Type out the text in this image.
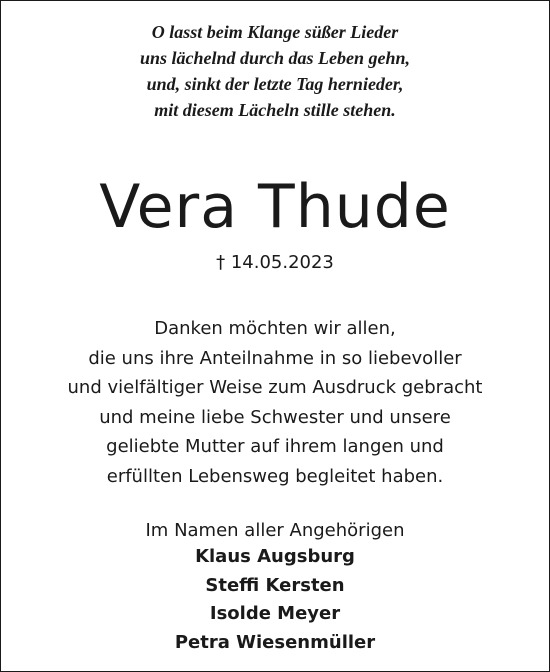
O lasst beim Klange süßer Lieder
uns lächelnd durch das Leben gehn,
und, sinkt der letzte Tag hernieder,
mit diesem Lächeln stille stehen.
Vera Thude
† 14.05.2023
Danken möchten wir allen,
die uns ihre Anteilnahme in so liebevoller
und vielfältiger Weise zum Ausdruck gebracht
und meine liebe Schwester und unsere
geliebte Mutter auf ihrem langen und
erfüllten Lebensweg begleitet haben.
Im Namen aller Angehörigen
Klaus Augsburg
Steffi Kersten
Isolde Meyer
Petra Wiesenmüller
